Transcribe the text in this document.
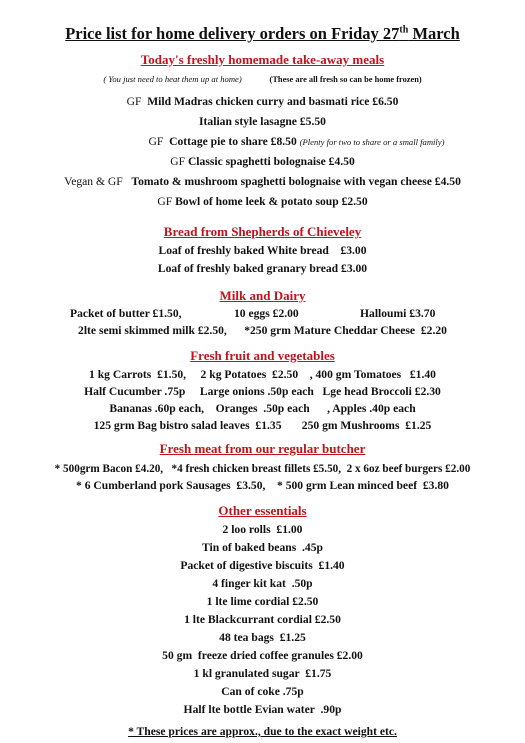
Price list for home delivery orders on Friday 27th March
Today's freshly homemade take-away meals
( You just need to heat them up at home)	(These are all fresh so can be home frozen)
GF Mild Madras chicken curry and basmati rice £6.50
Italian style lasagne £5.50
GF Cottage pie to share £8.50 (Plenty for two to share or a small family)
GF Classic spaghetti bolognaise £4.50
Vegan & GF Tomato & mushroom spaghetti bolognaise with vegan cheese £4.50
GF Bowl of home leek & potato soup £2.50
Bread from Shepherds of Chieveley
Loaf of freshly baked White bread    £3.00
Loaf of freshly baked granary bread £3.00
Milk and Dairy
Packet of butter £1.50,	10 eggs £2.00	Halloumi £3.70
2lte semi skimmed milk £2.50, *250 grm Mature Cheddar Cheese  £2.20
Fresh fruit and vegetables
1 kg Carrots  £1.50,     2 kg Potatoes  £2.50    , 400 gm Tomatoes   £1.40
Half Cucumber .75p     Large onions .50p each   Lge head Broccoli £2.30
Bananas .60p each,    Oranges  .50p each      , Apples .40p each
125 grm Bag bistro salad leaves  £1.35       250 gm Mushrooms  £1.25
Fresh meat from our regular butcher
* 500grm Bacon £4.20,   *4 fresh chicken breast fillets £5.50,  2 x 6oz beef burgers £2.00
* 6 Cumberland pork Sausages  £3.50,    * 500 grm Lean minced beef  £3.80
Other essentials
2 loo rolls  £1.00
Tin of baked beans  .45p
Packet of digestive biscuits  £1.40
4 finger kit kat  .50p
1 lte lime cordial £2.50
1 lte Blackcurrant cordial £2.50
48 tea bags  £1.25
50 gm  freeze dried coffee granules £2.00
1 kl granulated sugar  £1.75
Can of coke .75p
Half lte bottle Evian water  .90p
* These prices are approx., due to the exact weight etc.
